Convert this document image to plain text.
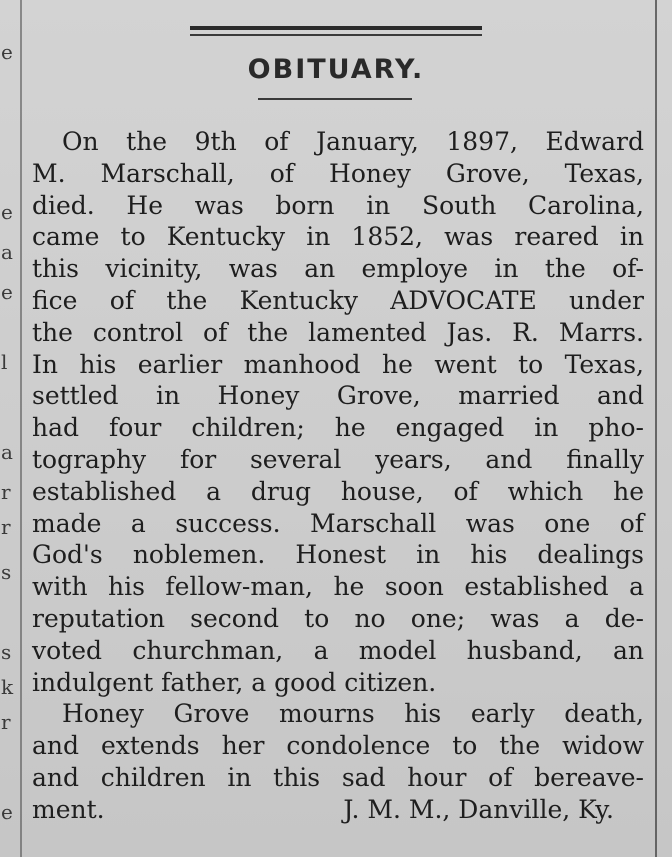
e
e
a
e
l
a
r
r
s
s
k
r
e
OBITUARY.
On the 9th of January, 1897, Edward
M. Marschall, of Honey Grove, Texas,
died. He was born in South Carolina,
came to Kentucky in 1852, was reared in
this vicinity, was an employe in the of-
fice of the Kentucky ADVOCATE under
the control of the lamented Jas. R. Marrs.
In his earlier manhood he went to Texas,
settled in Honey Grove, married and
had four children; he engaged in pho-
tography for several years, and finally
established a drug house, of which he
made a success. Marschall was one of
God's noblemen. Honest in his dealings
with his fellow-man, he soon established a
reputation second to no one; was a de-
voted churchman, a model husband, an
indulgent father, a good citizen.
Honey Grove mourns his early death,
and extends her condolence to the widow
and children in this sad hour of bereave-
ment.	J. M. M., Danville, Ky.
